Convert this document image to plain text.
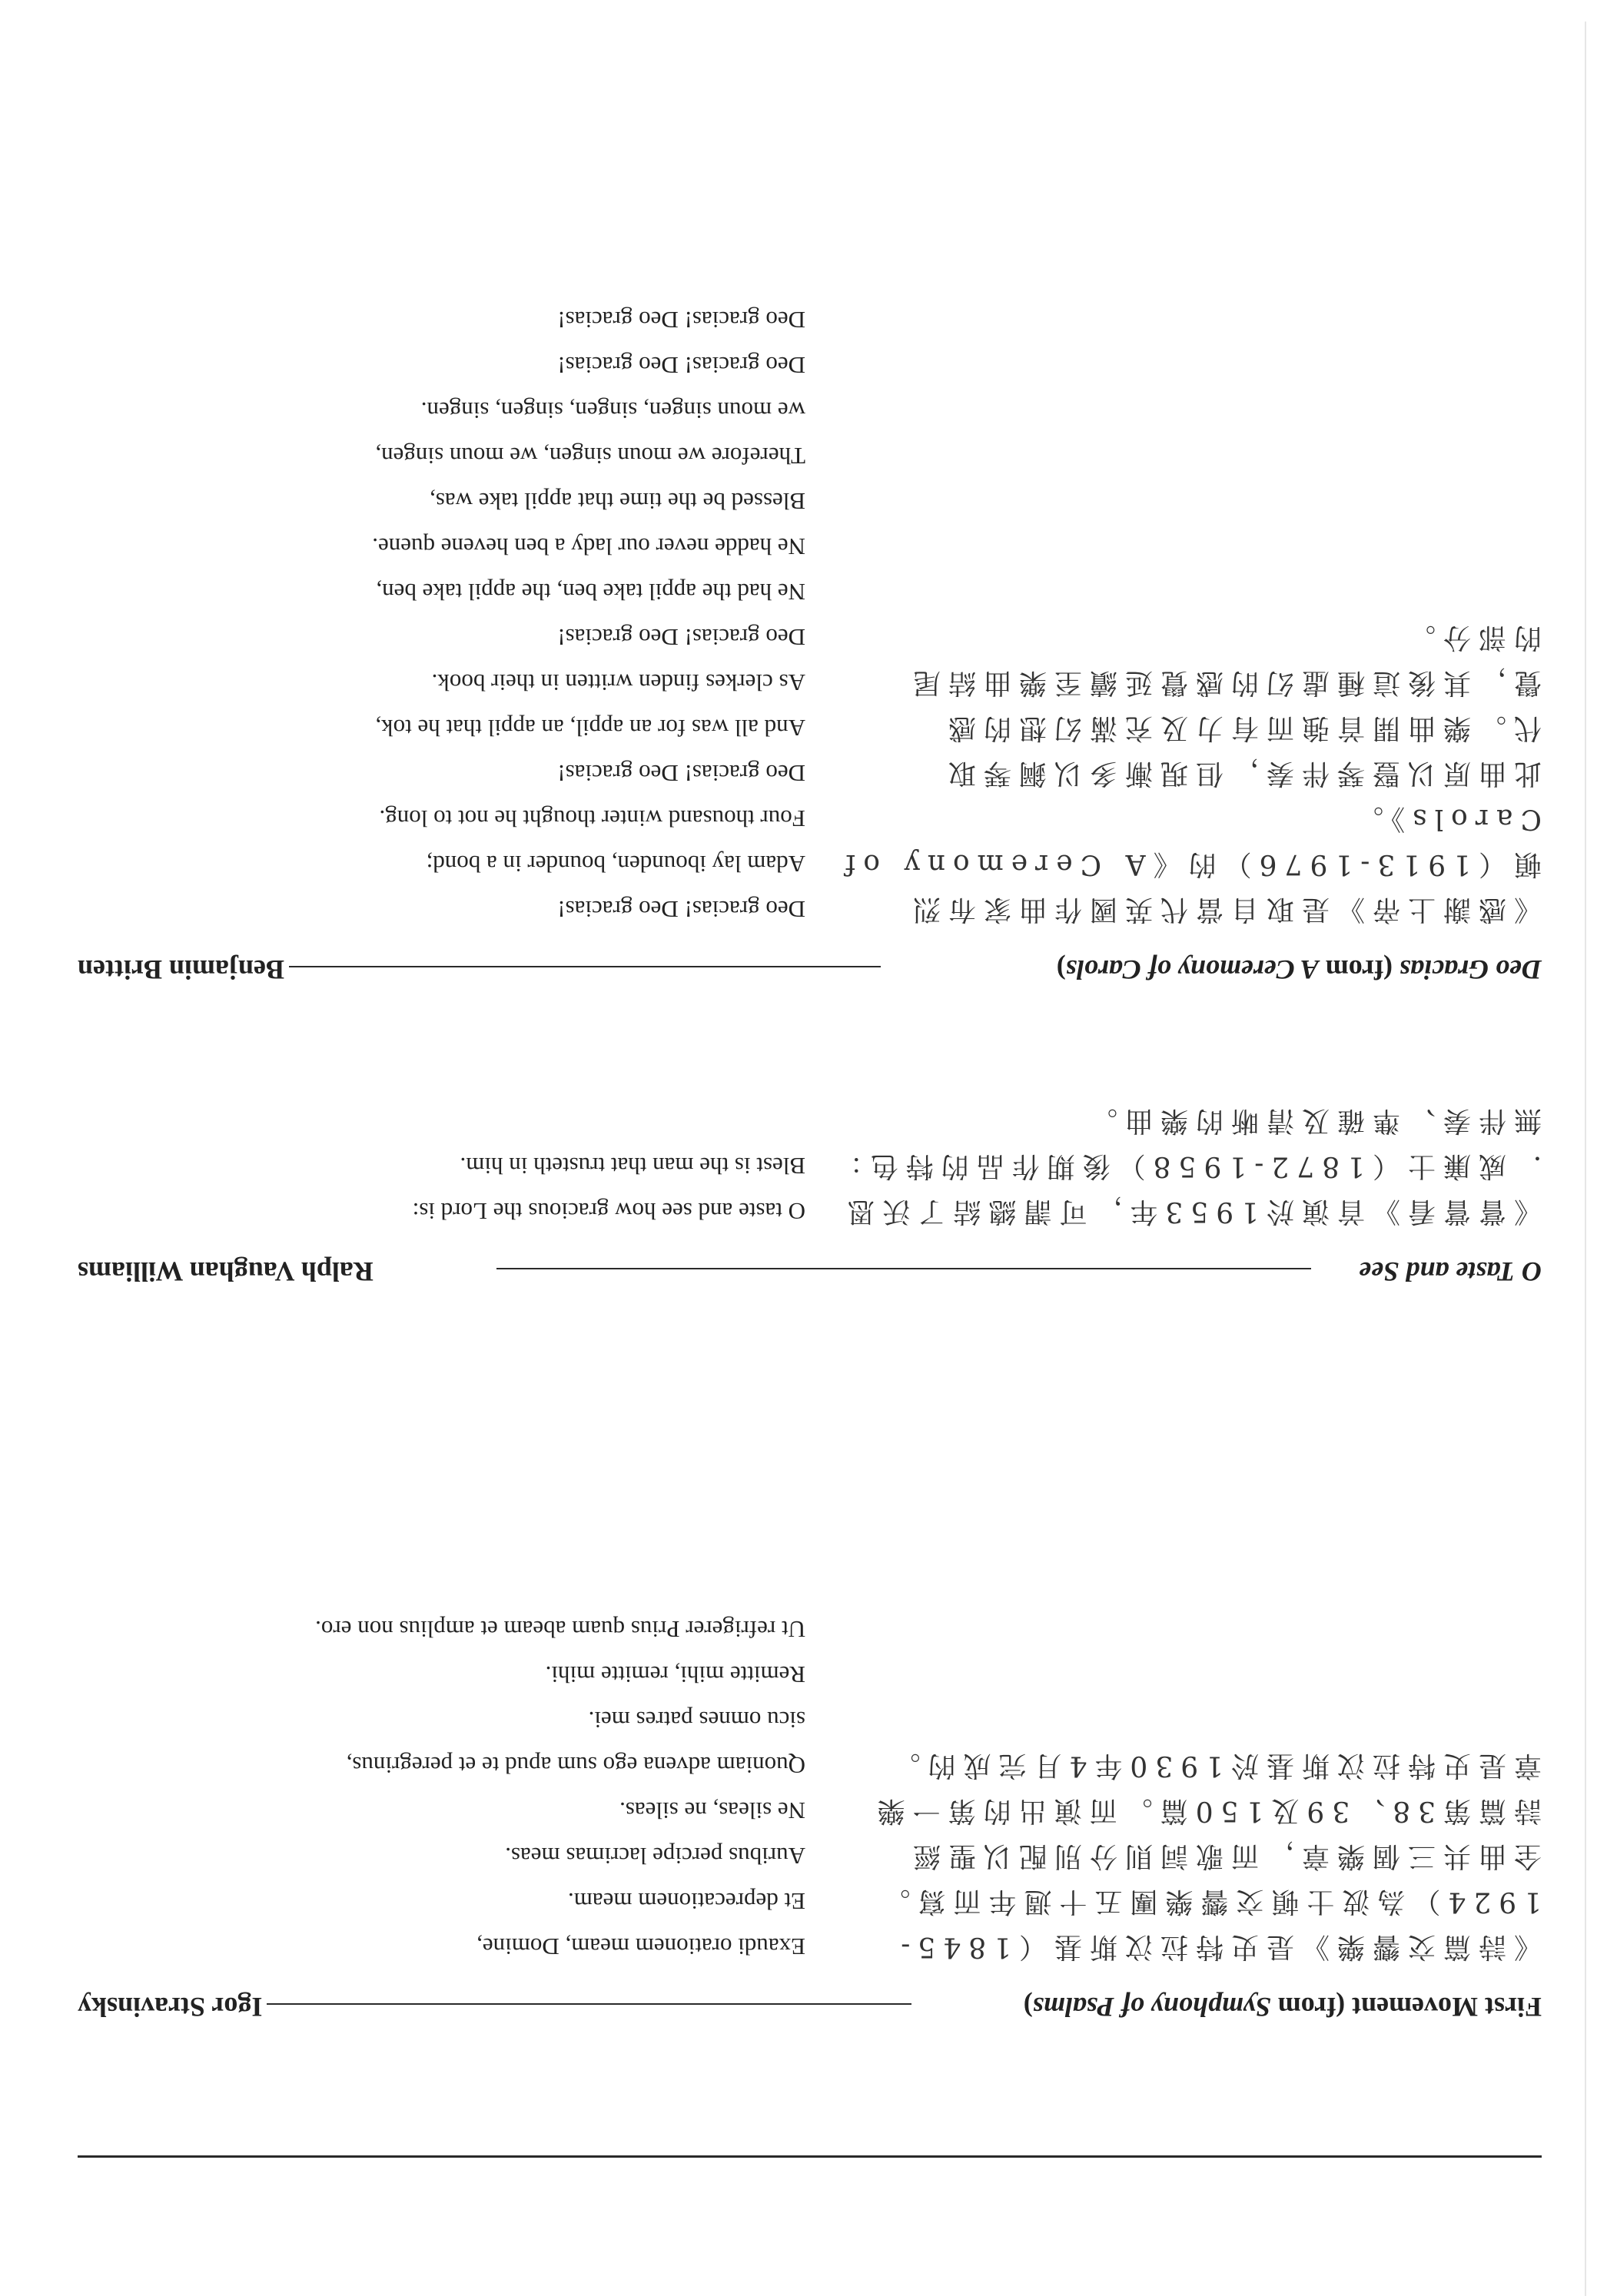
First Movement (from Symphony of Psalms)
Igor Stravinsky
《詩篇交響樂》是史特拉汶斯基（1845-
1924）為波士頓交響樂團五十週年而寫。
全曲共三個樂章，而歌詞則分別配以聖經
詩篇第38、39及150篇。而演出的第一樂
章是史特拉汶斯基於1930年4月完成的。
Exaudi orationem meam, Domine,
Et deprecationem meam.
Auribus percipe lacrimas meas.
Ne sileas, ne sileas.
Quoniam advena ego sum apud te et peregrinus,
sicu omnes patres mei.
Remitte mihi, remitte mihi.
Ut refrigerer Prius quam abeam et amplius non ero.
O Taste and See
Ralph Vaughan Williams
《嘗嘗看》首演於1953年，可謂總結了沃恩
．威廉士（1872-1958）後期作品的特色：
無伴奏、準確及清晰的樂曲。
O taste and see how gracious the Lord is:
Blest is the man that trusteth in him.
Deo Gracias (from A Ceremony of Carols)
Benjamin Britten
《感謝上帝》是取自當代英國作曲家布烈
頓（1913-1976）的《A Ceremony of
Carols》。
此曲原以豎琴伴奏，但現漸多以鋼琴取
代。樂曲開首強而有力及充滿幻想的感
覺，其後這種虛幻的感覺延續至樂曲結尾
的部分。
Deo gracias! Deo gracias!
Adam lay ibounden, bounder in a bond;
Four thousand winter thought he not to long.
Deo gracias! Deo gracias!
And all was for an appil, an appil that he tok,
As clerkes finden written in their book.
Deo gracias! Deo gracias!
Ne had the appil take ben, the appil take ben,
Ne hadde never our lady a ben hevene quene.
Blessed be the time that appil take was,
Therefore we moun singen, we moun singen,
we moun singen, singen, singen, singen.
Deo gracias! Deo gracias!
Deo gracias! Deo gracias!
